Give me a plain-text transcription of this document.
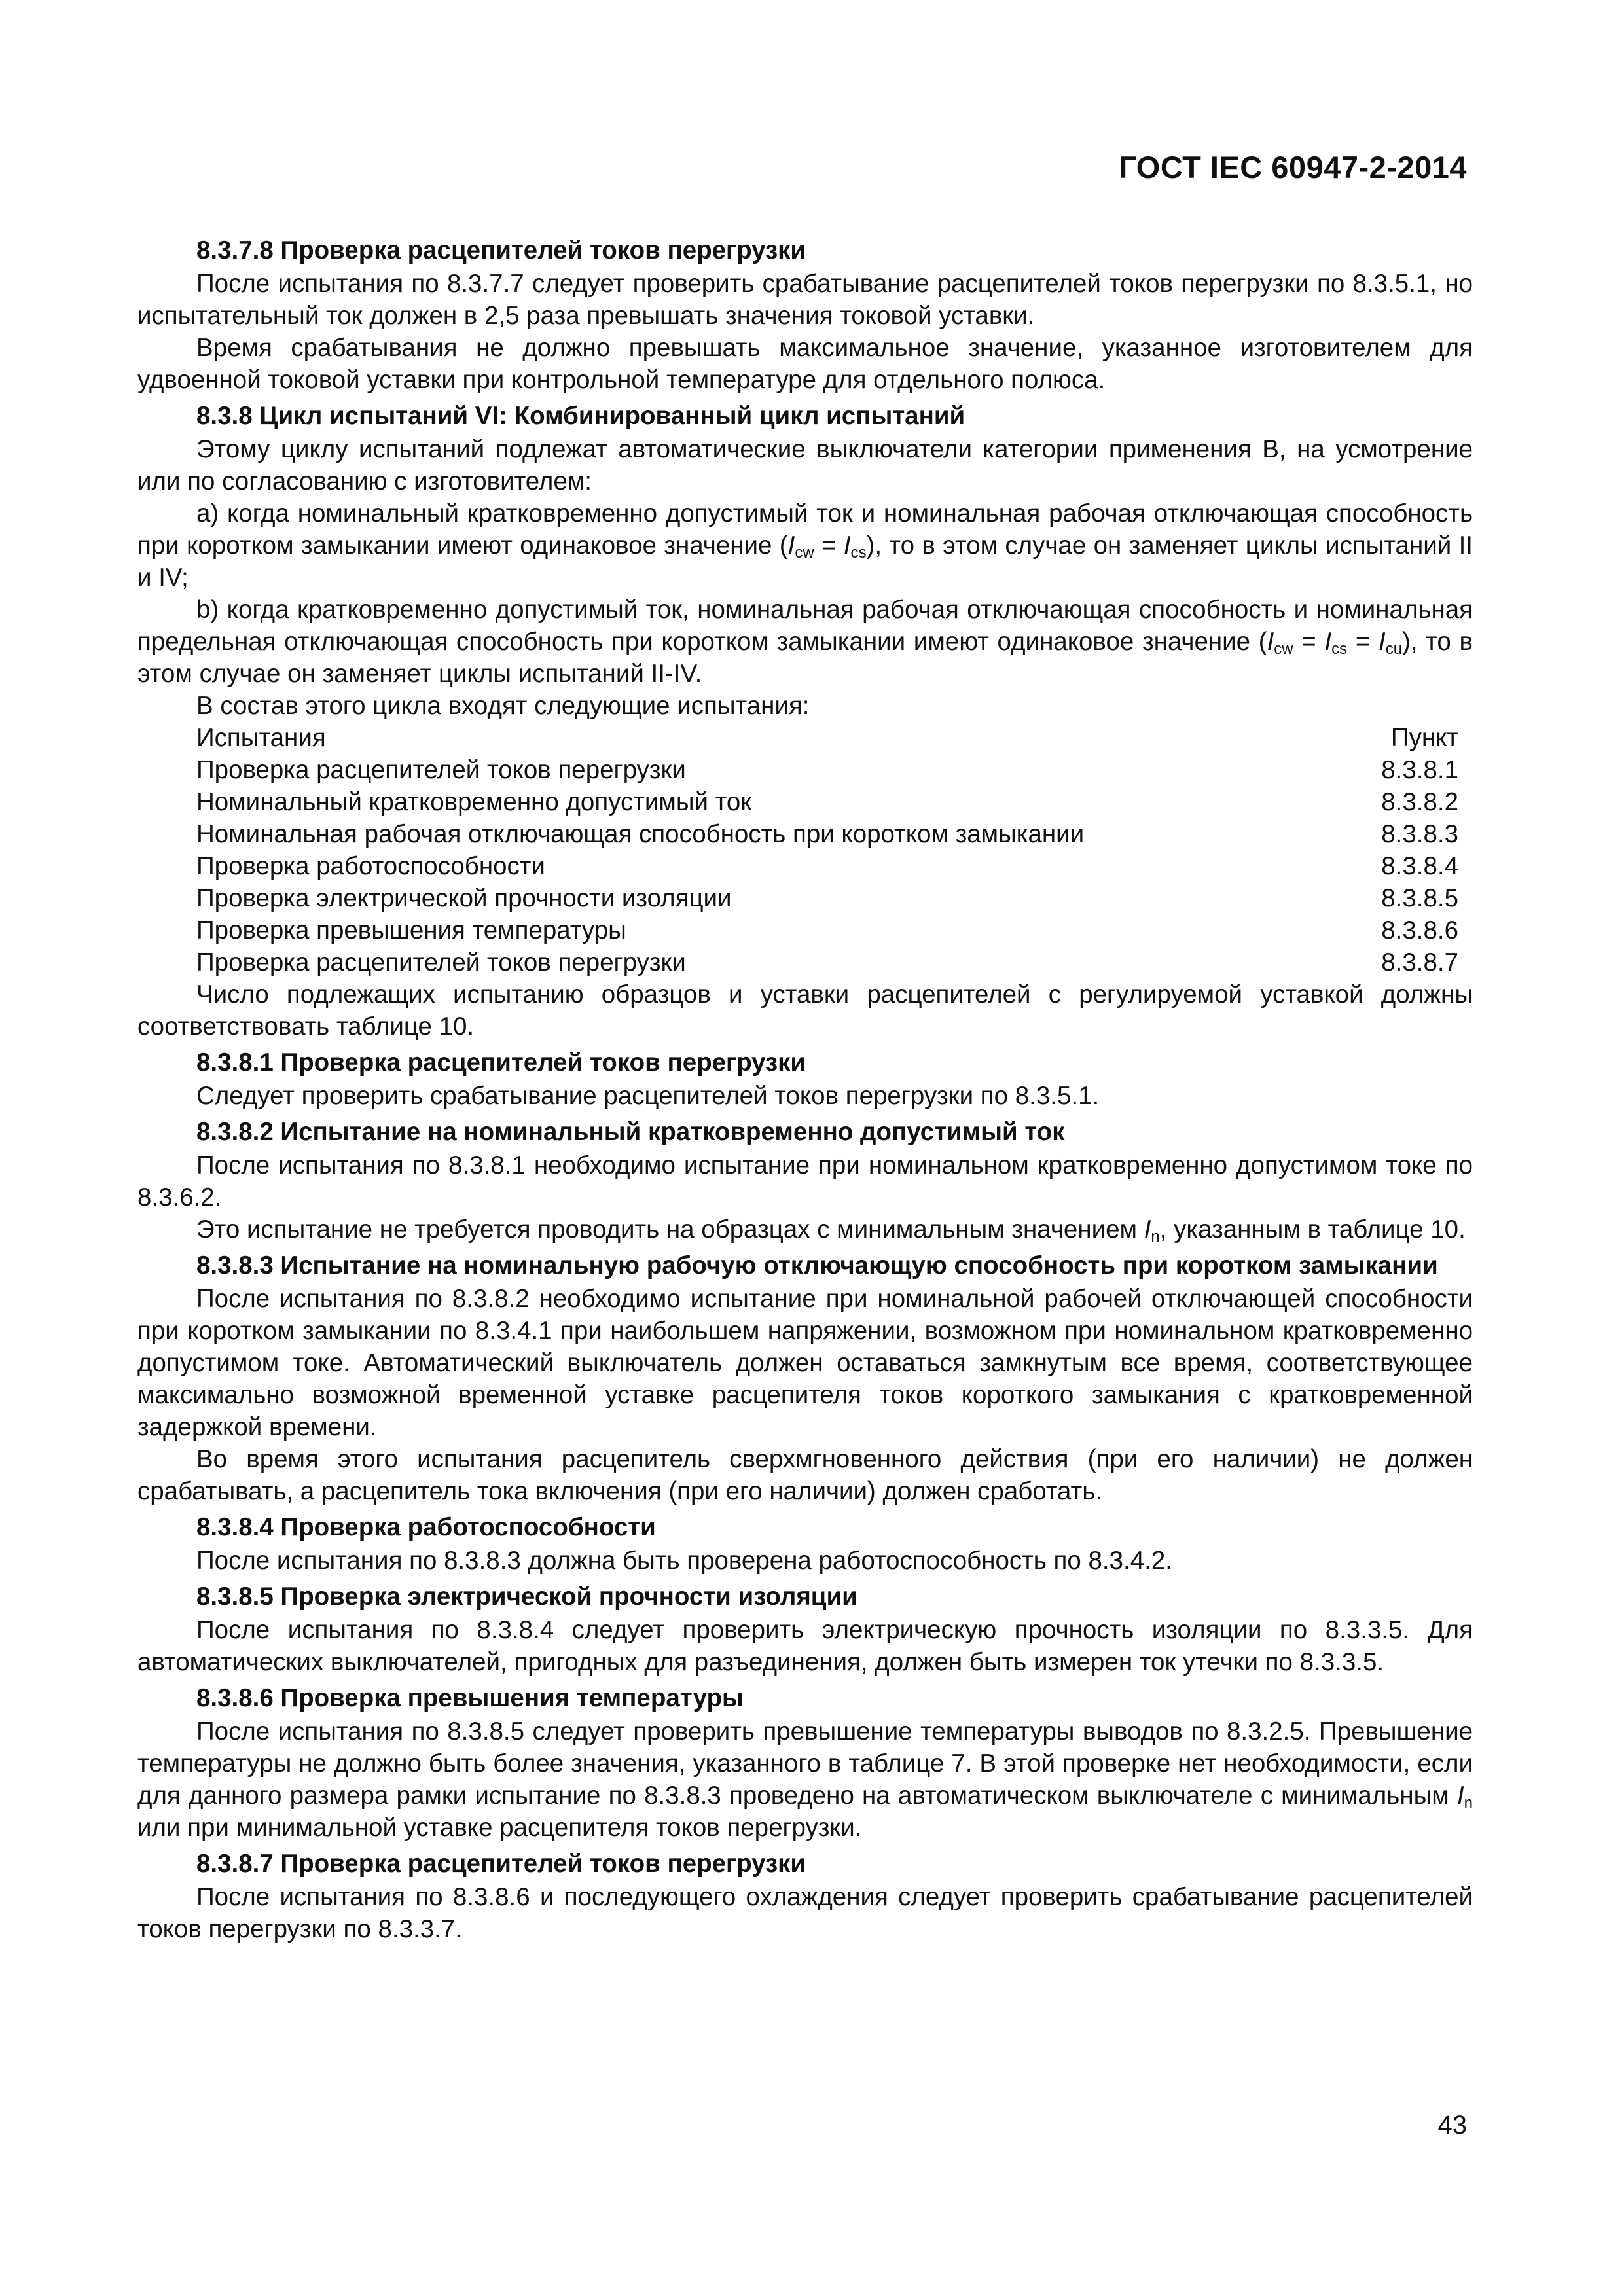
ГОСТ IEC 60947-2-2014

8.3.7.8 Проверка расцепителей токов перегрузки

После испытания по 8.3.7.7 следует проверить срабатывание расцепителей токов перегрузки по 8.3.5.1, но испытательный ток должен в 2,5 раза превышать значения токовой уставки.

Время срабатывания не должно превышать максимальное значение, указанное изготовителем для удвоенной токовой уставки при контрольной температуре для отдельного полюса.

8.3.8 Цикл испытаний VI: Комбинированный цикл испытаний

Этому циклу испытаний подлежат автоматические выключатели категории применения В, на усмотрение или по согласованию с изготовителем:

а) когда номинальный кратковременно допустимый ток и номинальная рабочая отключающая способность при коротком замыкании имеют одинаковое значение $(I_{cw} = I_{cs})$, то в этом случае он заменяет циклы испытаний II и IV;

b) когда кратковременно допустимый ток, номинальная рабочая отключающая способность и номинальная предельная отключающая способность при коротком замыкании имеют одинаковое значение $(I_{cw} = I_{cs} = I_{cu})$, то в этом случае он заменяет циклы испытаний II-IV.

В состав этого цикла входят следующие испытания:

Испытания	Пункт
Проверка расцепителей токов перегрузки	8.3.8.1
Номинальный кратковременно допустимый ток	8.3.8.2
Номинальная рабочая отключающая способность при коротком замыкании	8.3.8.3
Проверка работоспособности	8.3.8.4
Проверка электрической прочности изоляции	8.3.8.5
Проверка превышения температуры	8.3.8.6
Проверка расцепителей токов перегрузки	8.3.8.7

Число подлежащих испытанию образцов и уставки расцепителей с регулируемой уставкой должны соответствовать таблице 10.

8.3.8.1 Проверка расцепителей токов перегрузки

Следует проверить срабатывание расцепителей токов перегрузки по 8.3.5.1.

8.3.8.2 Испытание на номинальный кратковременно допустимый ток

После испытания по 8.3.8.1 необходимо испытание при номинальном кратковременно допустимом токе по 8.3.6.2.

Это испытание не требуется проводить на образцах с минимальным значением $I_n$, указанным в таблице 10.

8.3.8.3 Испытание на номинальную рабочую отключающую способность при коротком замыкании

После испытания по 8.3.8.2 необходимо испытание при номинальной рабочей отключающей способности при коротком замыкании по 8.3.4.1 при наибольшем напряжении, возможном при номинальном кратковременно допустимом токе. Автоматический выключатель должен оставаться замкнутым все время, соответствующее максимально возможной временной уставке расцепителя токов короткого замыкания с кратковременной задержкой времени.

Во время этого испытания расцепитель сверхмгновенного действия (при его наличии) не должен срабатывать, а расцепитель тока включения (при его наличии) должен сработать.

8.3.8.4 Проверка работоспособности

После испытания по 8.3.8.3 должна быть проверена работоспособность по 8.3.4.2.

8.3.8.5 Проверка электрической прочности изоляции

После испытания по 8.3.8.4 следует проверить электрическую прочность изоляции по 8.3.3.5. Для автоматических выключателей, пригодных для разъединения, должен быть измерен ток утечки по 8.3.3.5.

8.3.8.6 Проверка превышения температуры

После испытания по 8.3.8.5 следует проверить превышение температуры выводов по 8.3.2.5. Превышение температуры не должно быть более значения, указанного в таблице 7. В этой проверке нет необходимости, если для данного размера рамки испытание по 8.3.8.3 проведено на автоматическом выключателе с минимальным $I_n$ или при минимальной уставке расцепителя токов перегрузки.

8.3.8.7 Проверка расцепителей токов перегрузки

После испытания по 8.3.8.6 и последующего охлаждения следует проверить срабатывание расцепителей токов перегрузки по 8.3.3.7.

43
